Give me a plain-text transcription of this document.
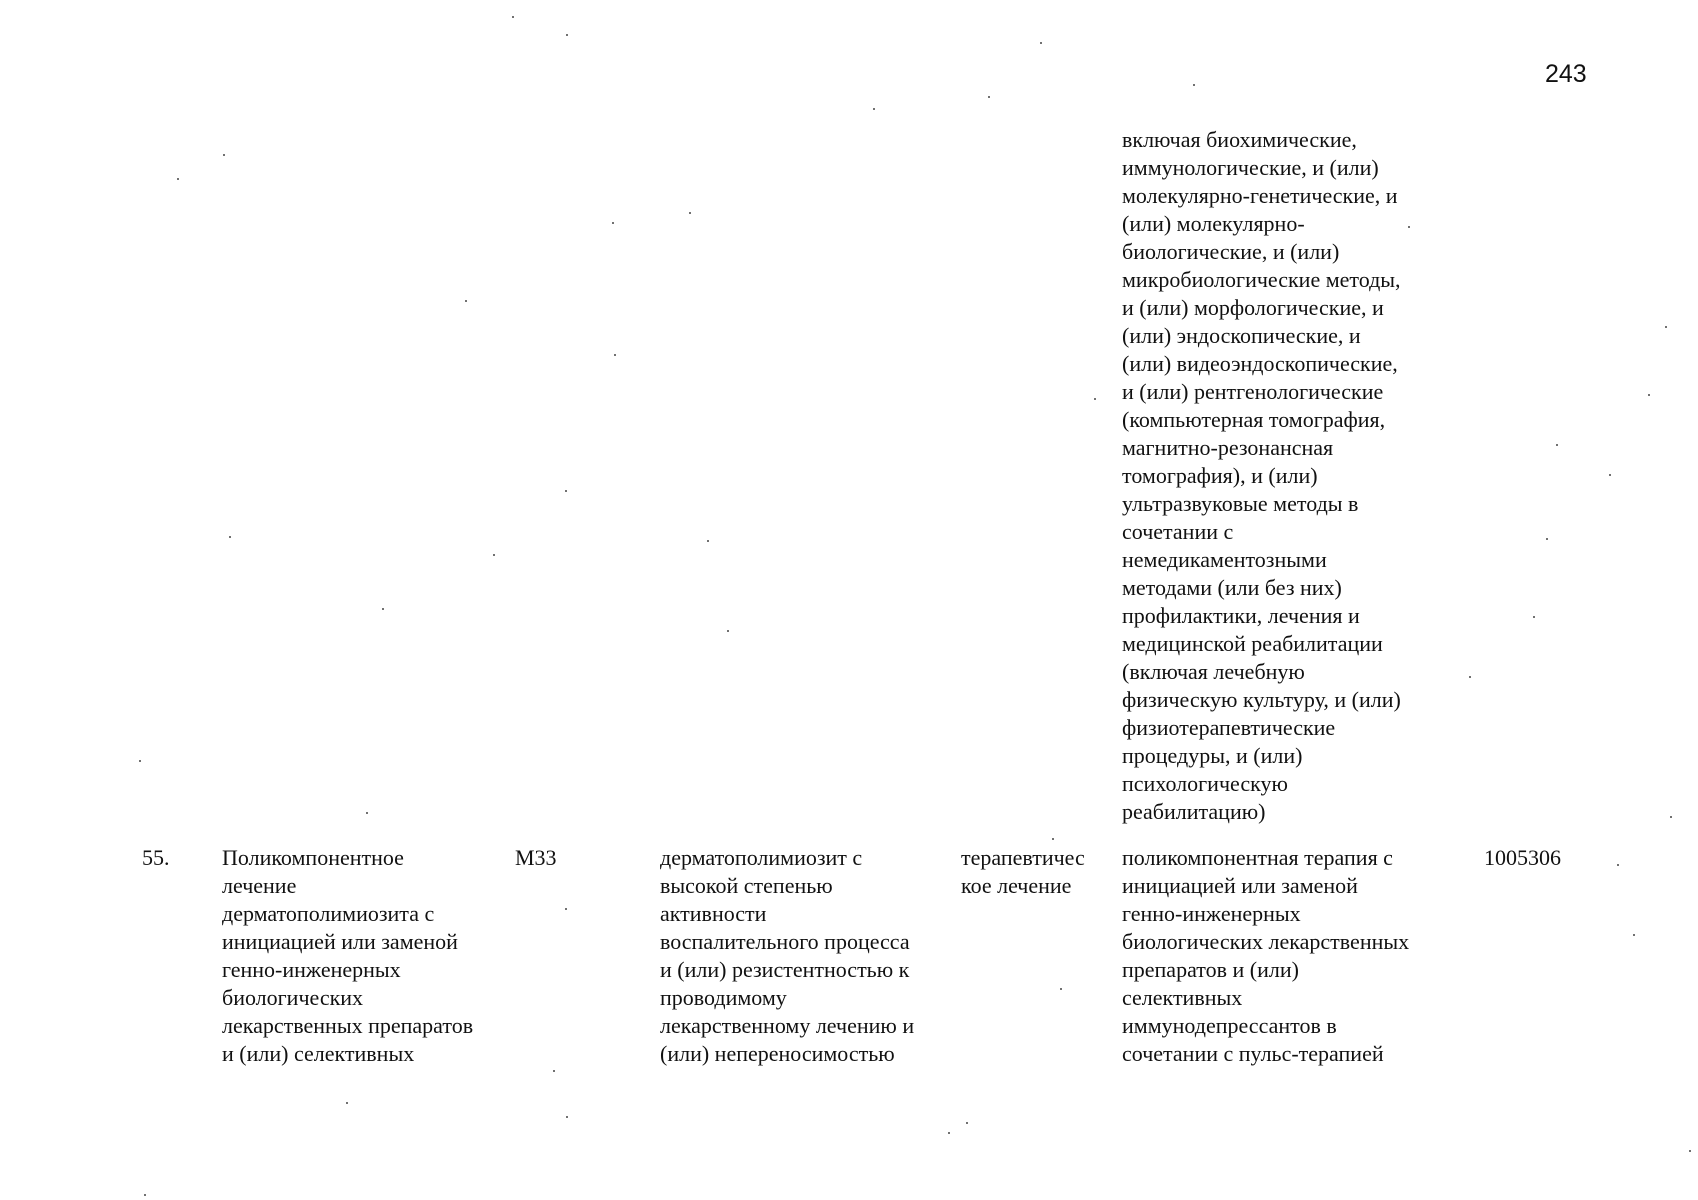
243
включая биохимические,
иммунологические, и (или)
молекулярно-генетические, и
(или) молекулярно-
биологические, и (или)
микробиологические методы,
и (или) морфологические, и
(или) эндоскопические, и
(или) видеоэндоскопические,
и (или) рентгенологические
(компьютерная томография,
магнитно-резонансная
томография), и (или)
ультразвуковые методы в
сочетании с
немедикаментозными
методами (или без них)
профилактики, лечения и
медицинской реабилитации
(включая лечебную
физическую культуру, и (или)
физиотерапевтические
процедуры, и (или)
психологическую
реабилитацию)
55. Поликомпонентное
лечение
дерматополимиозита с
инициацией или заменой
генно-инженерных
биологических
лекарственных препаратов
и (или) селективных
M33	дерматополимиозит с
высокой степенью
активности
воспалительного процесса
и (или) резистентностью к
проводимому
лекарственному лечению и
(или) непереносимостью
терапевтичес
кое лечение
поликомпонентная терапия с
инициацией или заменой
генно-инженерных
биологических лекарственных
препаратов и (или)
селективных
иммунодепрессантов в
сочетании с пульс-терапией
1005306
